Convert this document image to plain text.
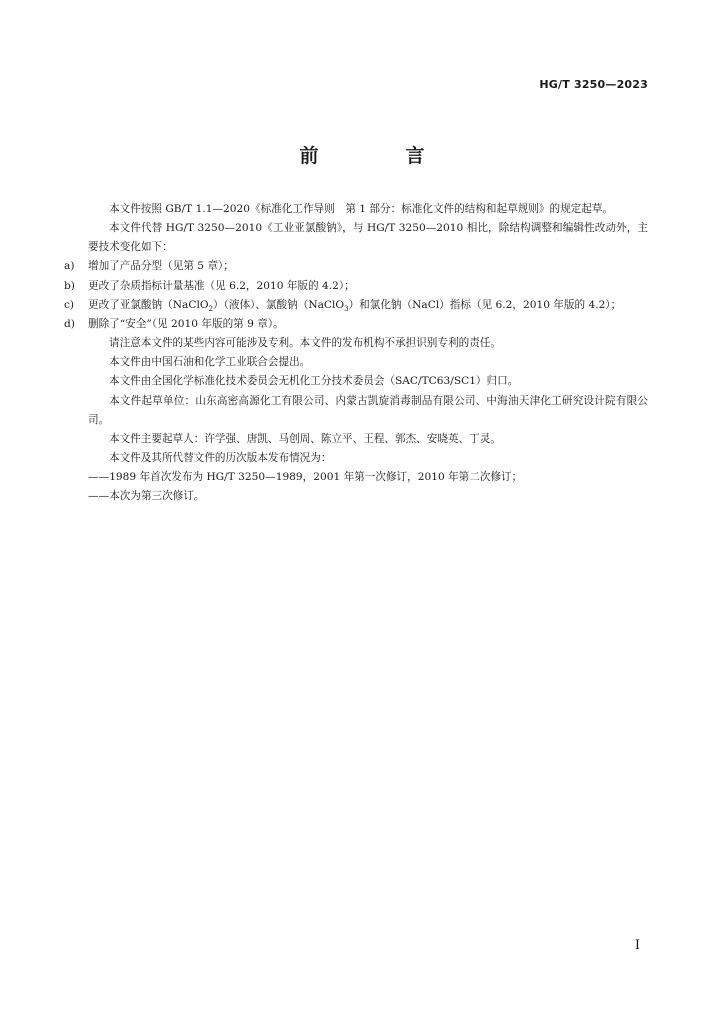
HG/T 3250—2023
前　言

本文件按照 GB/T 1.1—2020《标准化工作导则　第 1 部分：标准化文件的结构和起草规则》的规定起草。

本文件代替 HG/T 3250—2010《工业亚氯酸钠》，与 HG/T 3250—2010 相比，除结构调整和编辑性改动外，主要技术变化如下：

a) 增加了产品分型（见第 5 章）；

b) 更改了杂质指标计量基准（见 6.2，2010 年版的 4.2）；

c) 更改了亚氯酸钠（NaClO$_2$）（液体）、氯酸钠（NaClO$_3$）和氯化钠（NaCl）指标（见 6.2，2010 年版的 4.2）；

d) 删除了“安全”（见 2010 年版的第 9 章）。

请注意本文件的某些内容可能涉及专利。本文件的发布机构不承担识别专利的责任。

本文件由中国石油和化学工业联合会提出。

本文件由全国化学标准化技术委员会无机化工分技术委员会（SAC/TC63/SC1）归口。

本文件起草单位：山东高密高源化工有限公司、内蒙古凯旋消毒制品有限公司、中海油天津化工研究设计院有限公司。

本文件主要起草人：许学强、唐凯、马创周、陈立平、王程、郭杰、安晓英、丁灵。

本文件及其所代替文件的历次版本发布情况为：

——1989 年首次发布为 HG/T 3250—1989，2001 年第一次修订，2010 年第二次修订；

——本次为第三次修订。

I
